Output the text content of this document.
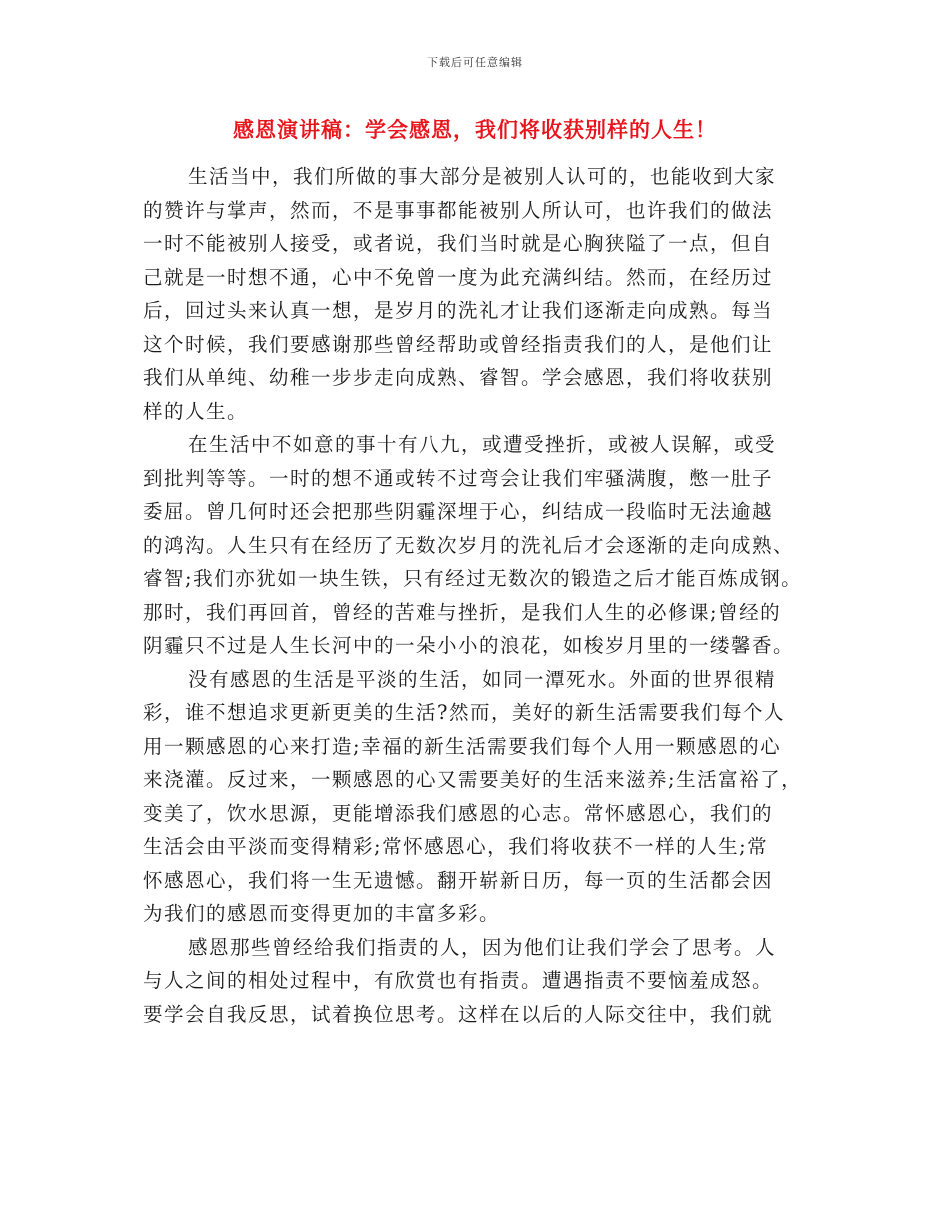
下载后可任意编辑
感恩演讲稿：学会感恩，我们将收获别样的人生！
生活当中，我们所做的事大部分是被别人认可的，也能收到大家
的赞许与掌声，然而，不是事事都能被别人所认可，也许我们的做法
一时不能被别人接受，或者说，我们当时就是心胸狭隘了一点，但自
己就是一时想不通，心中不免曾一度为此充满纠结。然而，在经历过
后，回过头来认真一想，是岁月的洗礼才让我们逐渐走向成熟。每当
这个时候，我们要感谢那些曾经帮助或曾经指责我们的人，是他们让
我们从单纯、幼稚一步步走向成熟、睿智。学会感恩，我们将收获别
样的人生。
在生活中不如意的事十有八九，或遭受挫折，或被人误解，或受
到批判等等。一时的想不通或转不过弯会让我们牢骚满腹，憋一肚子
委屈。曾几何时还会把那些阴霾深埋于心，纠结成一段临时无法逾越
的鸿沟。人生只有在经历了无数次岁月的洗礼后才会逐渐的走向成熟、
睿智;我们亦犹如一块生铁，只有经过无数次的锻造之后才能百炼成钢。
那时，我们再回首，曾经的苦难与挫折，是我们人生的必修课;曾经的
阴霾只不过是人生长河中的一朵小小的浪花，如梭岁月里的一缕馨香。
没有感恩的生活是平淡的生活，如同一潭死水。外面的世界很精
彩，谁不想追求更新更美的生活?然而，美好的新生活需要我们每个人
用一颗感恩的心来打造;幸福的新生活需要我们每个人用一颗感恩的心
来浇灌。反过来，一颗感恩的心又需要美好的生活来滋养;生活富裕了，
变美了，饮水思源，更能增添我们感恩的心志。常怀感恩心，我们的
生活会由平淡而变得精彩;常怀感恩心，我们将收获不一样的人生;常
怀感恩心，我们将一生无遗憾。翻开崭新日历，每一页的生活都会因
为我们的感恩而变得更加的丰富多彩。
感恩那些曾经给我们指责的人，因为他们让我们学会了思考。人
与人之间的相处过程中，有欣赏也有指责。遭遇指责不要恼羞成怒。
要学会自我反思，试着换位思考。这样在以后的人际交往中，我们就
